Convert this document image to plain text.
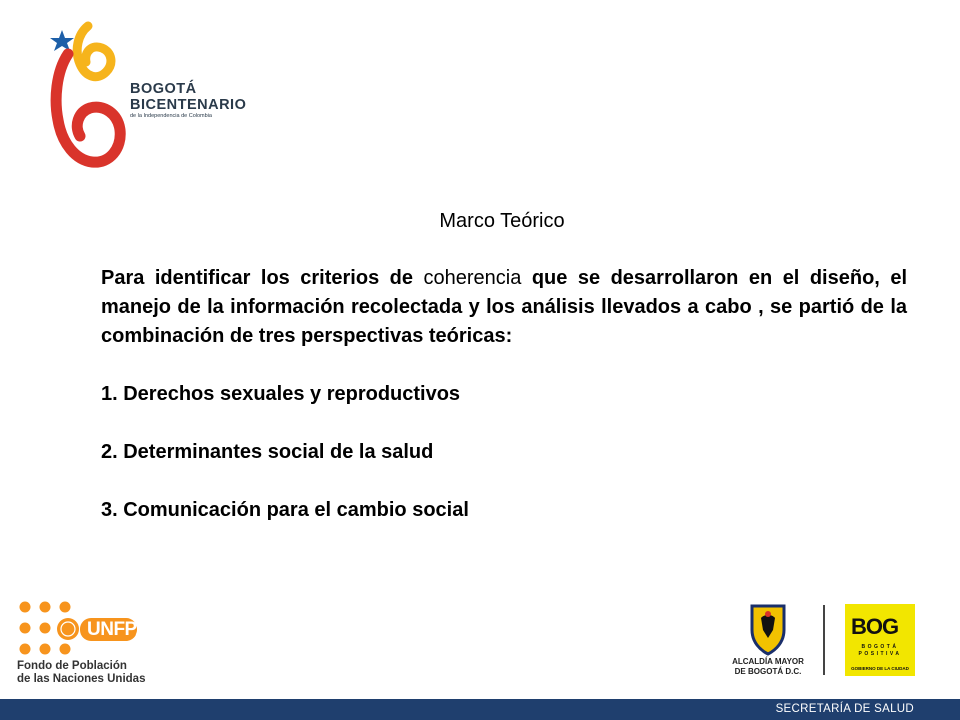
BOGOTÁ
BICENTENARIO
de la Independencia de Colombia
Marco Teórico

Para identificar los criterios de coherencia que se desarrollaron en el diseño, el manejo de la información recolectada y los análisis llevados a cabo , se partió de la combinación de tres perspectivas teóricas:

1. Derechos sexuales y reproductivos

2. Determinantes social de la salud

3. Comunicación para el cambio social

UNFPA
Fondo de Población
de las Naciones Unidas
ALCALDÍA MAYOR
DE BOGOTÁ D.C.
BOG
BOGOTÁ
POSITIVA
GOBIERNO DE LA CIUDAD
SECRETARÍA DE SALUD
